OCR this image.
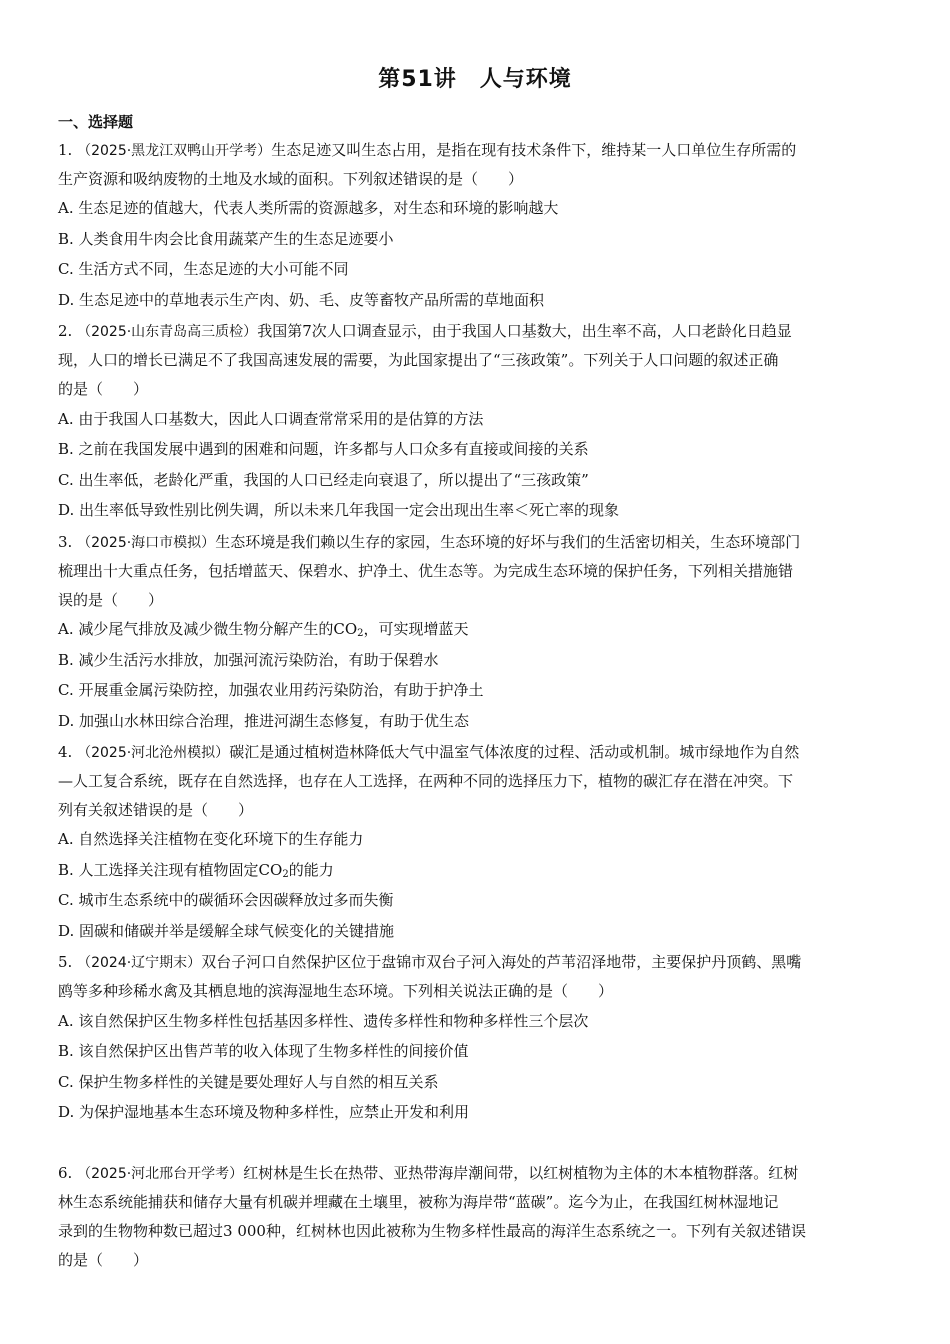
第51讲　人与环境
一、选择题
1. （2025·黑龙江双鸭山开学考）生态足迹又叫生态占用，是指在现有技术条件下，维持某一人口单位生存所需的
生产资源和吸纳废物的土地及水域的面积。下列叙述错误的是（　　）
A. 生态足迹的值越大，代表人类所需的资源越多，对生态和环境的影响越大
B. 人类食用牛肉会比食用蔬菜产生的生态足迹要小
C. 生活方式不同，生态足迹的大小可能不同
D. 生态足迹中的草地表示生产肉、奶、毛、皮等畜牧产品所需的草地面积
2. （2025·山东青岛高三质检）我国第7次人口调查显示，由于我国人口基数大，出生率不高，人口老龄化日趋显
现，人口的增长已满足不了我国高速发展的需要，为此国家提出了“三孩政策”。下列关于人口问题的叙述正确
的是（　　）
A. 由于我国人口基数大，因此人口调查常常采用的是估算的方法
B. 之前在我国发展中遇到的困难和问题，许多都与人口众多有直接或间接的关系
C. 出生率低，老龄化严重，我国的人口已经走向衰退了，所以提出了“三孩政策”
D. 出生率低导致性别比例失调，所以未来几年我国一定会出现出生率＜死亡率的现象
3. （2025·海口市模拟）生态环境是我们赖以生存的家园，生态环境的好坏与我们的生活密切相关，生态环境部门
梳理出十大重点任务，包括增蓝天、保碧水、护净土、优生态等。为完成生态环境的保护任务，下列相关措施错
误的是（　　）
A. 减少尾气排放及减少微生物分解产生的$CO_2$，可实现增蓝天
B. 减少生活污水排放，加强河流污染防治，有助于保碧水
C. 开展重金属污染防控，加强农业用药污染防治，有助于护净土
D. 加强山水林田综合治理，推进河湖生态修复，有助于优生态
4. （2025·河北沧州模拟）碳汇是通过植树造林降低大气中温室气体浓度的过程、活动或机制。城市绿地作为自然
—人工复合系统，既存在自然选择，也存在人工选择，在两种不同的选择压力下，植物的碳汇存在潜在冲突。下
列有关叙述错误的是（　　）
A. 自然选择关注植物在变化环境下的生存能力
B. 人工选择关注现有植物固定$CO_2$的能力
C. 城市生态系统中的碳循环会因碳释放过多而失衡
D. 固碳和储碳并举是缓解全球气候变化的关键措施
5. （2024·辽宁期末）双台子河口自然保护区位于盘锦市双台子河入海处的芦苇沼泽地带，主要保护丹顶鹤、黑嘴
鸥等多种珍稀水禽及其栖息地的滨海湿地生态环境。下列相关说法正确的是（　　）
A. 该自然保护区生物多样性包括基因多样性、遗传多样性和物种多样性三个层次
B. 该自然保护区出售芦苇的收入体现了生物多样性的间接价值
C. 保护生物多样性的关键是要处理好人与自然的相互关系
D. 为保护湿地基本生态环境及物种多样性，应禁止开发和利用
6. （2025·河北邢台开学考）红树林是生长在热带、亚热带海岸潮间带，以红树植物为主体的木本植物群落。红树
林生态系统能捕获和储存大量有机碳并埋藏在土壤里，被称为海岸带“蓝碳”。迄今为止，在我国红树林湿地记
录到的生物物种数已超过3 000种，红树林也因此被称为生物多样性最高的海洋生态系统之一。下列有关叙述错误
的是（　　）
